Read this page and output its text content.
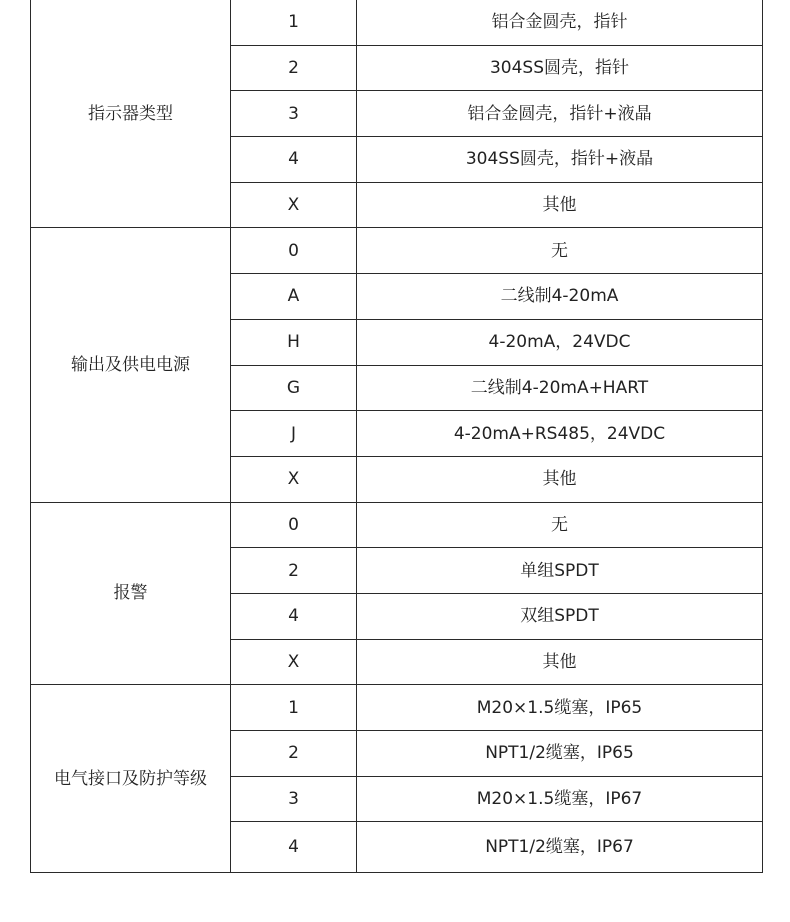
指示器类型	1	铝合金圆壳，指针
	2	304SS圆壳，指针
	3	铝合金圆壳，指针+液晶
	4	304SS圆壳，指针+液晶
	X	其他
输出及供电电源	0	无
	A	二线制4-20mA
	H	4-20mA，24VDC
	G	二线制4-20mA+HART
	J	4-20mA+RS485，24VDC
	X	其他
报警	0	无
	2	单组SPDT
	4	双组SPDT
	X	其他
电气接口及防护等级	1	M20×1.5缆塞，IP65
	2	NPT1/2缆塞，IP65
	3	M20×1.5缆塞，IP67
	4	NPT1/2缆塞，IP67
